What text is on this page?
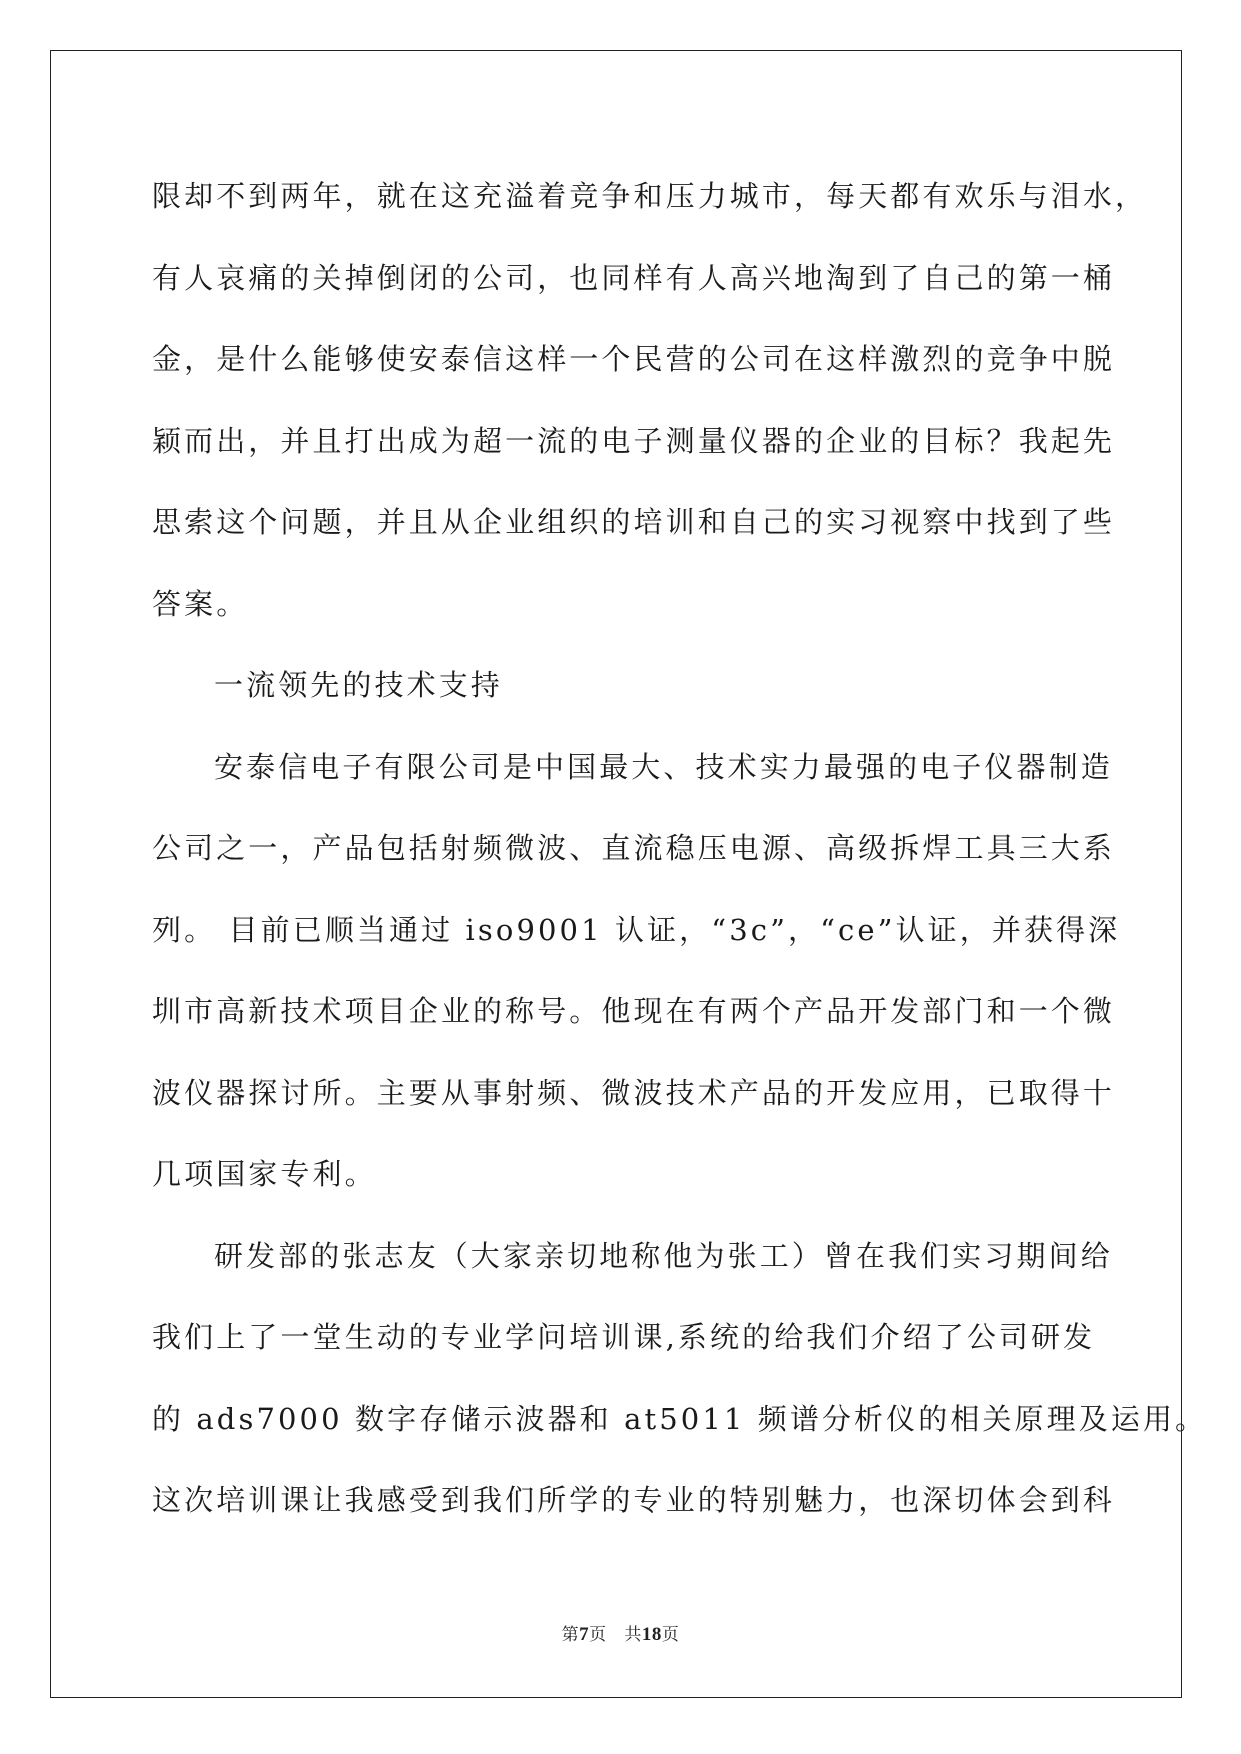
限却不到两年，就在这充溢着竞争和压力城市，每天都有欢乐与泪水，
有人哀痛的关掉倒闭的公司，也同样有人高兴地淘到了自己的第一桶
金，是什么能够使安泰信这样一个民营的公司在这样激烈的竞争中脱
颖而出，并且打出成为超一流的电子测量仪器的企业的目标？我起先
思索这个问题，并且从企业组织的培训和自己的实习视察中找到了些
答案。
一流领先的技术支持
安泰信电子有限公司是中国最大、技术实力最强的电子仪器制造
公司之一，产品包括射频微波、直流稳压电源、高级拆焊工具三大系
列。 目前已顺当通过 iso9001 认证，“3c”，“ce”认证，并获得深
圳市高新技术项目企业的称号。他现在有两个产品开发部门和一个微
波仪器探讨所。主要从事射频、微波技术产品的开发应用，已取得十
几项国家专利。
研发部的张志友（大家亲切地称他为张工）曾在我们实习期间给
我们上了一堂生动的专业学问培训课,系统的给我们介绍了公司研发
的 ads7000 数字存储示波器和 at5011 频谱分析仪的相关原理及运用。
这次培训课让我感受到我们所学的专业的特别魅力，也深切体会到科
第7页 共18页
